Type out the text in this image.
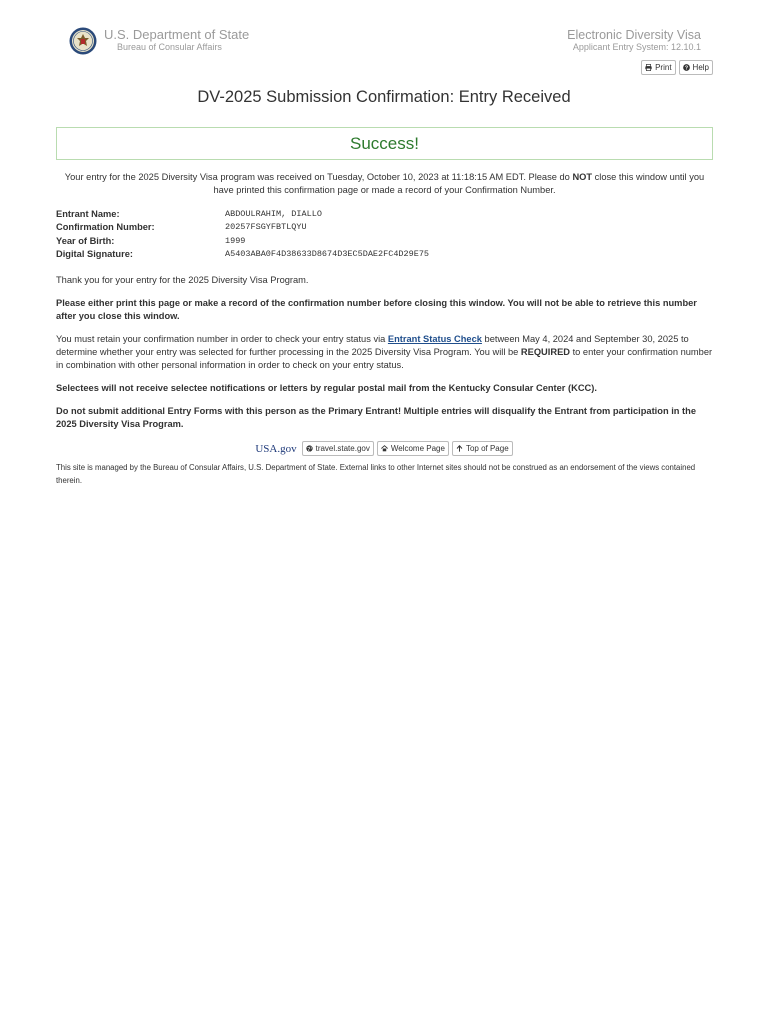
U.S. Department of State
Bureau of Consular Affairs
Electronic Diversity Visa
Applicant Entry System: 12.10.1
Print ? Help
DV-2025 Submission Confirmation: Entry Received
Success!
Your entry for the 2025 Diversity Visa program was received on Tuesday, October 10, 2023 at 11:18:15 AM EDT. Please do NOT close this window until you have printed this confirmation page or made a record of your Confirmation Number.
Entrant Name:	ABDOULRAHIM, DIALLO
Confirmation Number:	20257FSGYFBTLQYU
Year of Birth:	1999
Digital Signature:	A5403ABA0F4D38633D8674D3EC5DAE2FC4D29E75
Thank you for your entry for the 2025 Diversity Visa Program.
Please either print this page or make a record of the confirmation number before closing this window. You will not be able to retrieve this number after you close this window.
You must retain your confirmation number in order to check your entry status via Entrant Status Check between May 4, 2024 and September 30, 2025 to determine whether your entry was selected for further processing in the 2025 Diversity Visa Program. You will be REQUIRED to enter your confirmation number in combination with other personal information in order to check on your entry status.
Selectees will not receive selectee notifications or letters by regular postal mail from the Kentucky Consular Center (KCC).
Do not submit additional Entry Forms with this person as the Primary Entrant! Multiple entries will disqualify the Entrant from participation in the 2025 Diversity Visa Program.
USA.gov travel.state.gov	Welcome Page	Top of Page
This site is managed by the Bureau of Consular Affairs, U.S. Department of State. External links to other Internet sites should not be construed as an endorsement of the views contained therein.
